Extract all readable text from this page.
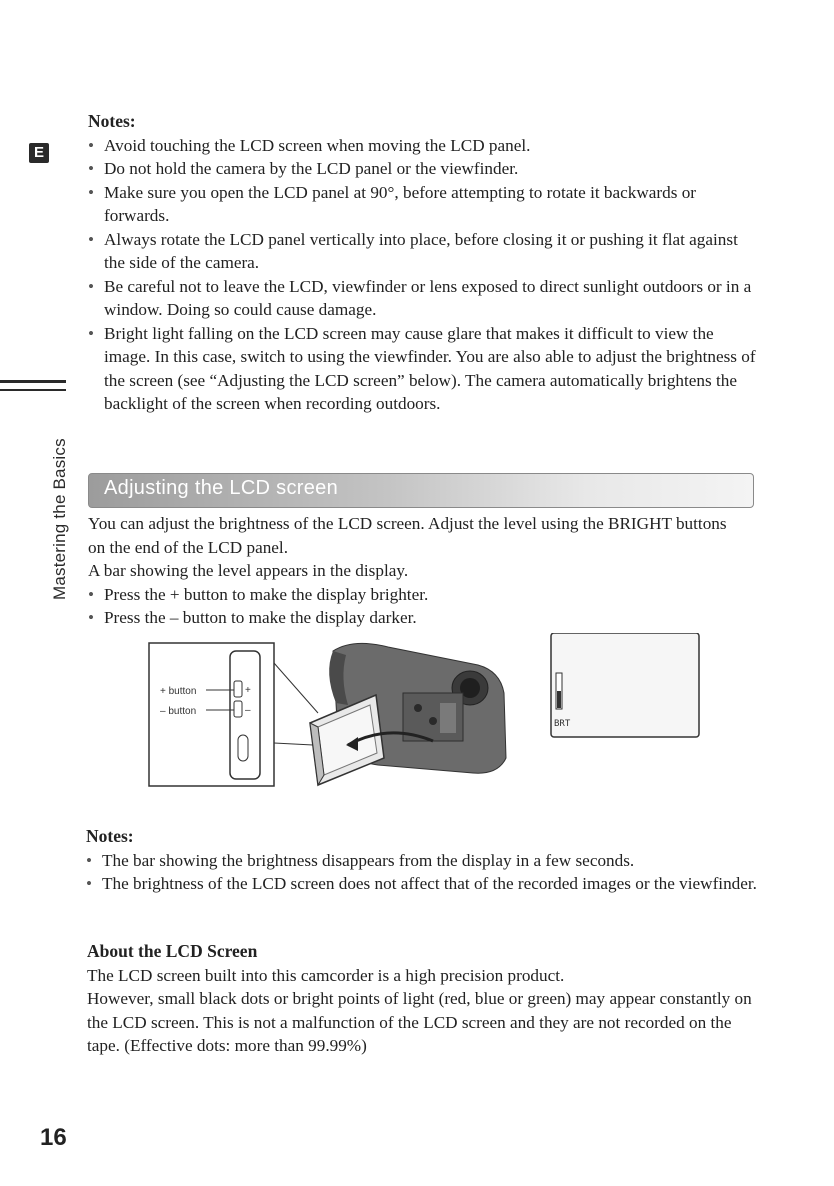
E
Mastering the Basics
Notes:
• Avoid touching the LCD screen when moving the LCD panel.
• Do not hold the camera by the LCD panel or the viewfinder.
• Make sure you open the LCD panel at 90°, before attempting to rotate it backwards or forwards.
• Always rotate the LCD panel vertically into place, before closing it or pushing it flat against the side of the camera.
• Be careful not to leave the LCD, viewfinder or lens exposed to direct sunlight outdoors or in a window. Doing so could cause damage.
• Bright light falling on the LCD screen may cause glare that makes it difficult to view the image. In this case, switch to using the viewfinder. You are also able to adjust the brightness of the screen (see “Adjusting the LCD screen” below). The camera automatically brightens the backlight of the screen when recording outdoors.
Adjusting the LCD screen
You can adjust the brightness of the LCD screen. Adjust the level using the BRIGHT buttons on the end of the LCD panel.
A bar showing the level appears in the display.
• Press the + button to make the display brighter.
• Press the – button to make the display darker.
+ button
– button
+
–
BRT
Notes:
• The bar showing the brightness disappears from the display in a few seconds.
• The brightness of the LCD screen does not affect that of the recorded images or the viewfinder.
About the LCD Screen
The LCD screen built into this camcorder is a high precision product.
However, small black dots or bright points of light (red, blue or green) may appear constantly on the LCD screen. This is not a malfunction of the LCD screen and they are not recorded on the tape. (Effective dots: more than 99.99%)
16
